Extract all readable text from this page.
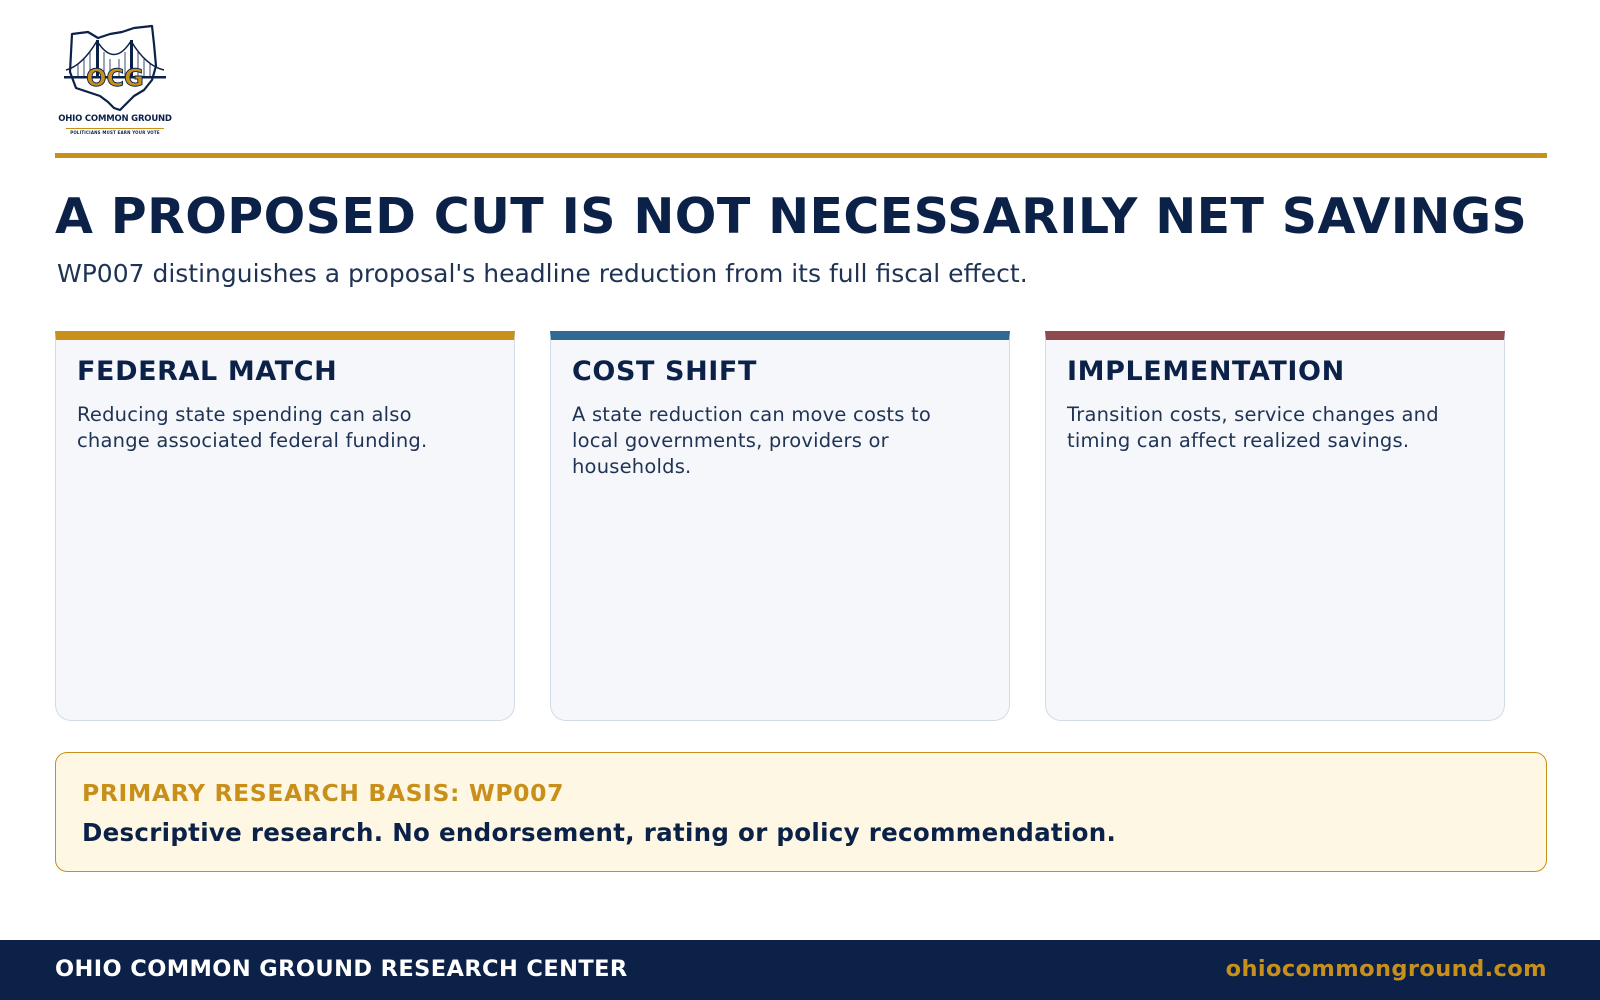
OCG
OHIO COMMON GROUND
POLITICIANS MUST EARN YOUR VOTE
A PROPOSED CUT IS NOT NECESSARILY NET SAVINGS

WP007 distinguishes a proposal's headline reduction from its full fiscal effect.

FEDERAL MATCH

Reducing state spending can also change associated federal funding.

COST SHIFT

A state reduction can move costs to local governments, providers or households.

IMPLEMENTATION

Transition costs, service changes and timing can affect realized savings.

PRIMARY RESEARCH BASIS: WP007

Descriptive research. No endorsement, rating or policy recommendation.

OHIO COMMON GROUND RESEARCH CENTER	ohiocommonground.com
